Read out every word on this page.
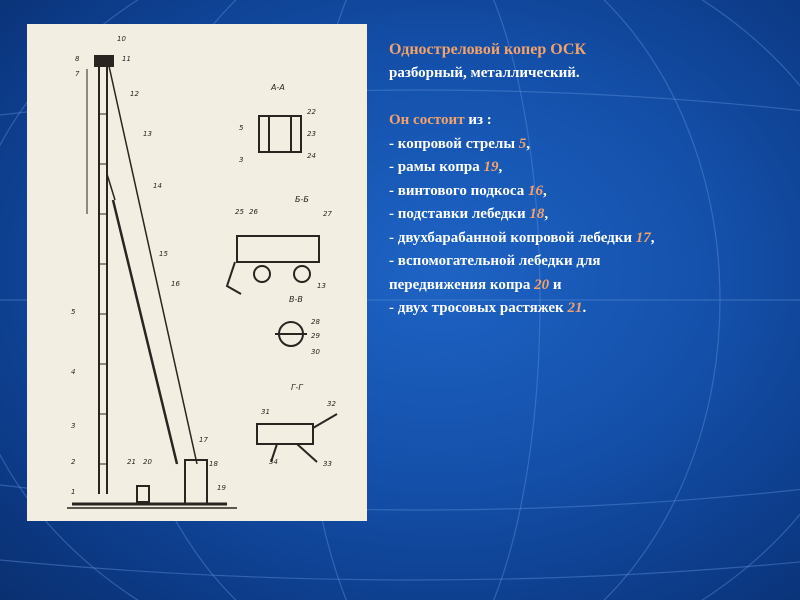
10
11
8
7
12
13
14
15
16
5
4
3
2
1
21 20
17
18
19
А-А
22
23
24
5
3
Б-Б
25 26	27
13
В-В
28
29
30
Г-Г
31
32
34	33
Одностреловой копер ОСК
разборный, металлический.
Он состоит из :
- копровой стрелы 5,
- рамы копра 19,
- винтового подкоса 16,
- подставки лебедки 18,
- двухбарабанной копровой лебедки 17,
- вспомогательной лебедки для
передвижения копра 20 и
- двух тросовых растяжек 21.
